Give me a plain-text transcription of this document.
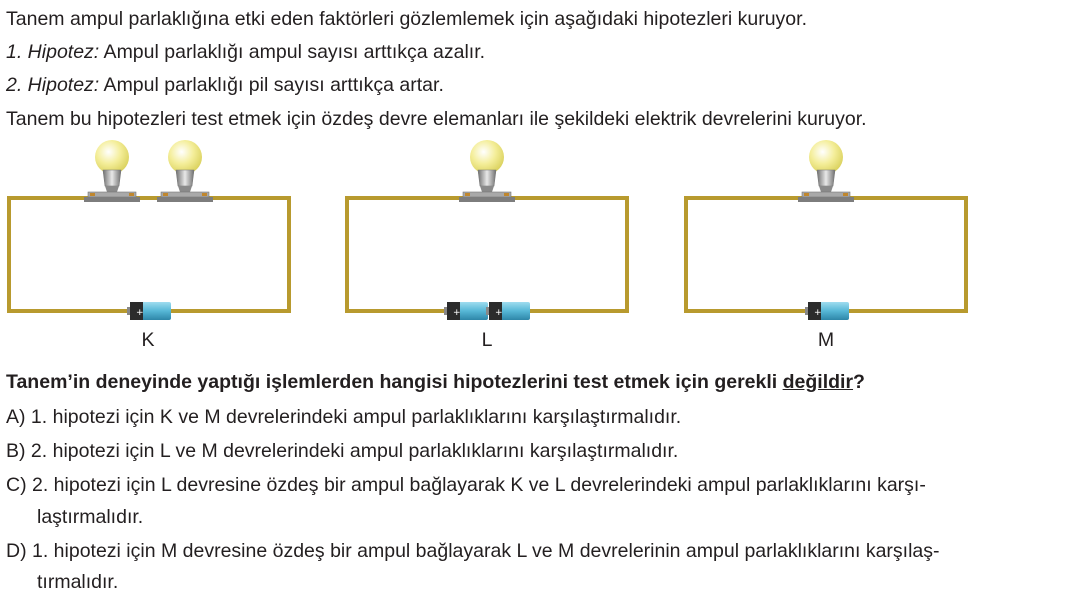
Tanem ampul parlaklığına etki eden faktörleri gözlemlemek için aşağıdaki hipotezleri kuruyor.
1. Hipotez: Ampul parlaklığı ampul sayısı arttıkça azalır.
2. Hipotez: Ampul parlaklığı pil sayısı arttıkça artar.
Tanem bu hipotezleri test etmek için özdeş devre elemanları ile şekildeki elektrik devrelerini kuruyor.
+
K
+	+
L
+
M
Tanem’in deneyinde yaptığı işlemlerden hangisi hipotezlerini test etmek için gerekli değildir?
A) 1. hipotezi için K ve M devrelerindeki ampul parlaklıklarını karşılaştırmalıdır.
B) 2. hipotezi için L ve M devrelerindeki ampul parlaklıklarını karşılaştırmalıdır.
C) 2. hipotezi için L devresine özdeş bir ampul bağlayarak K ve L devrelerindeki ampul parlaklıklarını karşı-
laştırmalıdır.
D) 1. hipotezi için M devresine özdeş bir ampul bağlayarak L ve M devrelerinin ampul parlaklıklarını karşılaş-
tırmalıdır.
